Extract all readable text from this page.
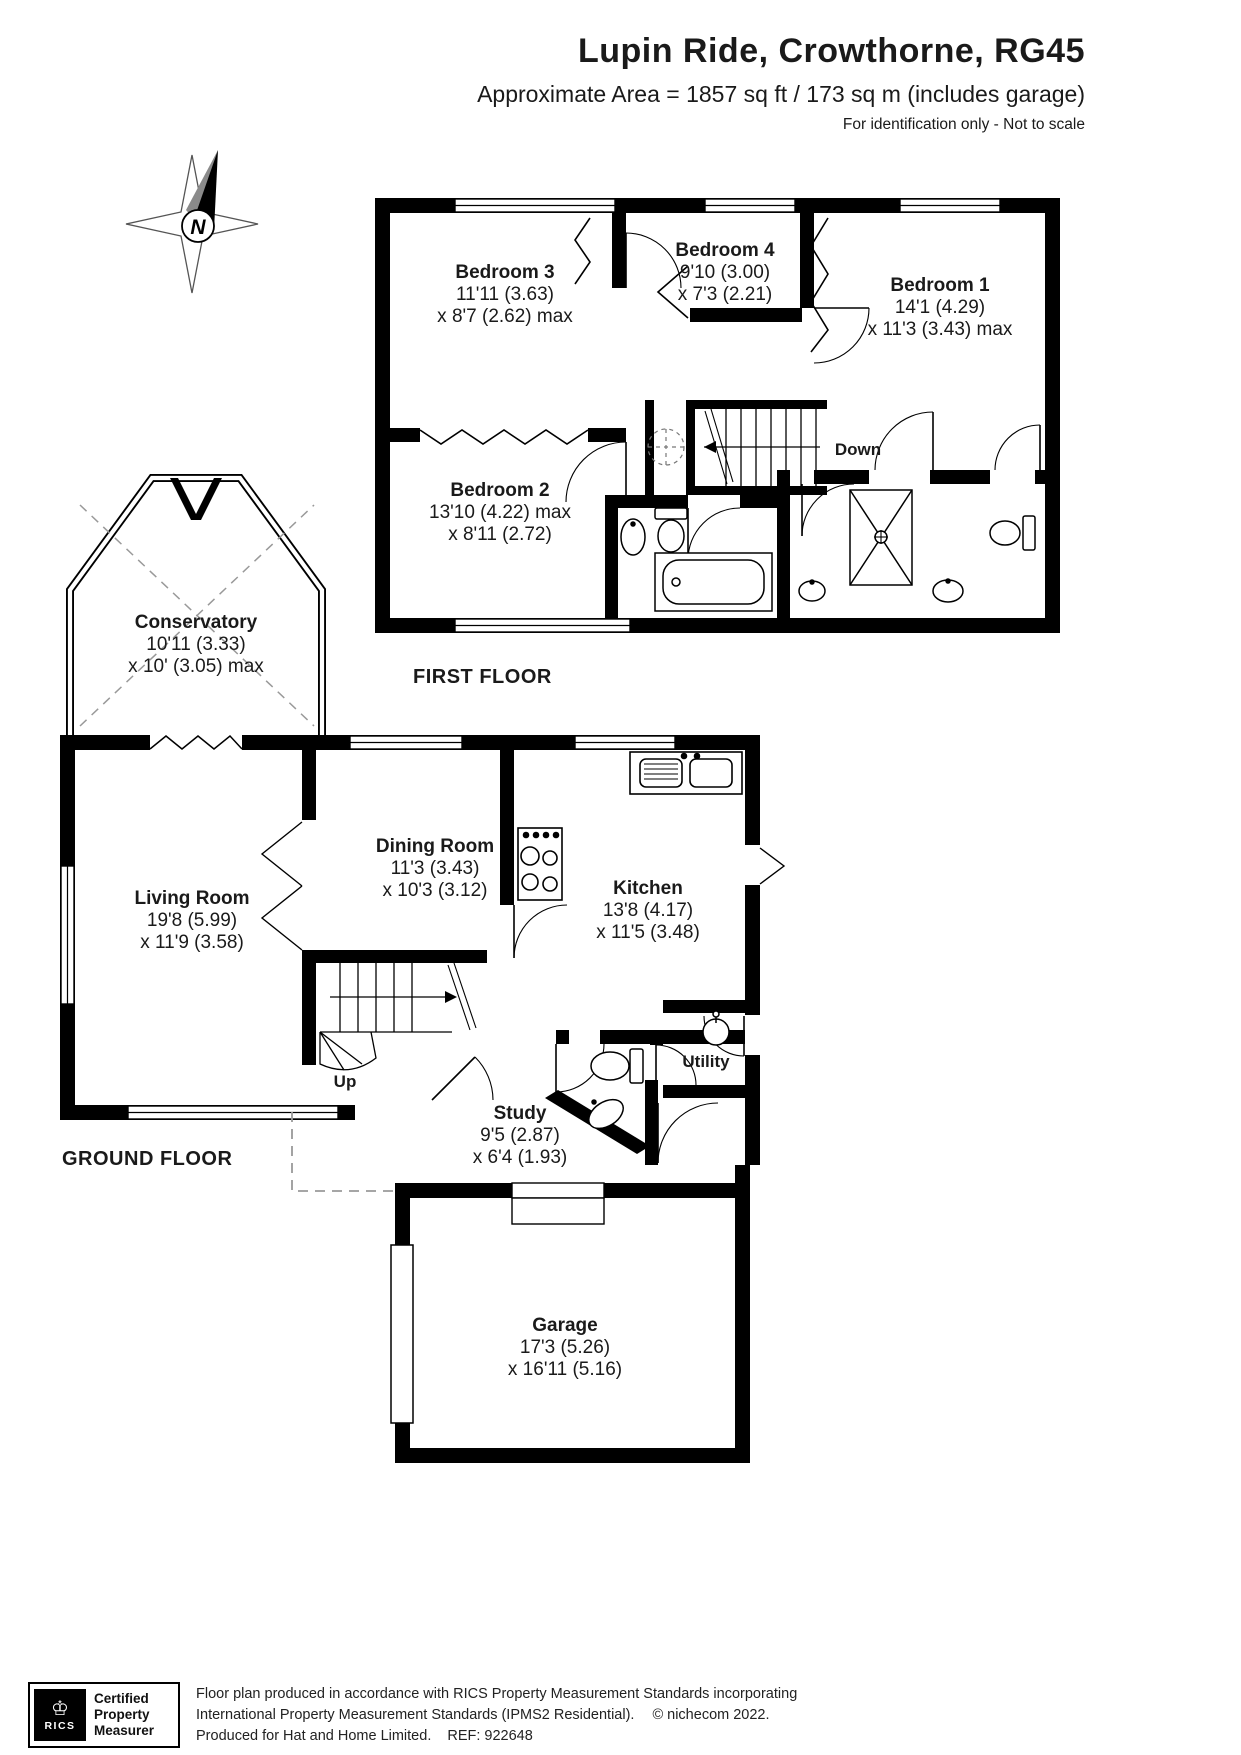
N
Lupin Ride, Crowthorne, RG45
Approximate Area = 1857 sq ft / 173 sq m (includes garage)
For identification only - Not to scale
Bedroom 3
11'11 (3.63)
x 8'7 (2.62) max
Bedroom 4
9'10 (3.00)
x 7'3 (2.21)	Bedroom 1
14'1 (4.29)
x 11'3 (3.43) max
Bedroom 2
13'10 (4.22) max
x 8'11 (2.72)
Down
FIRST FLOOR
Conservatory
10'11 (3.33)
x 10' (3.05) max
Living Room
19'8 (5.99)
x 11'9 (3.58)
Dining Room
11'3 (3.43)
x 10'3 (3.12)	Kitchen
13'8 (4.17)
x 11'5 (3.48)
Study
9'5 (2.87)
x 6'4 (1.93)
Garage
17'3 (5.26)
x 16'11 (5.16)
Up
Utility
GROUND FLOOR
♔
RICS
Certified
Property
Measurer
Floor plan produced in accordance with RICS Property Measurement Standards incorporating
International Property Measurement Standards (IPMS2 Residential). © nichecom 2022.
Produced for Hat and Home Limited. REF: 922648
